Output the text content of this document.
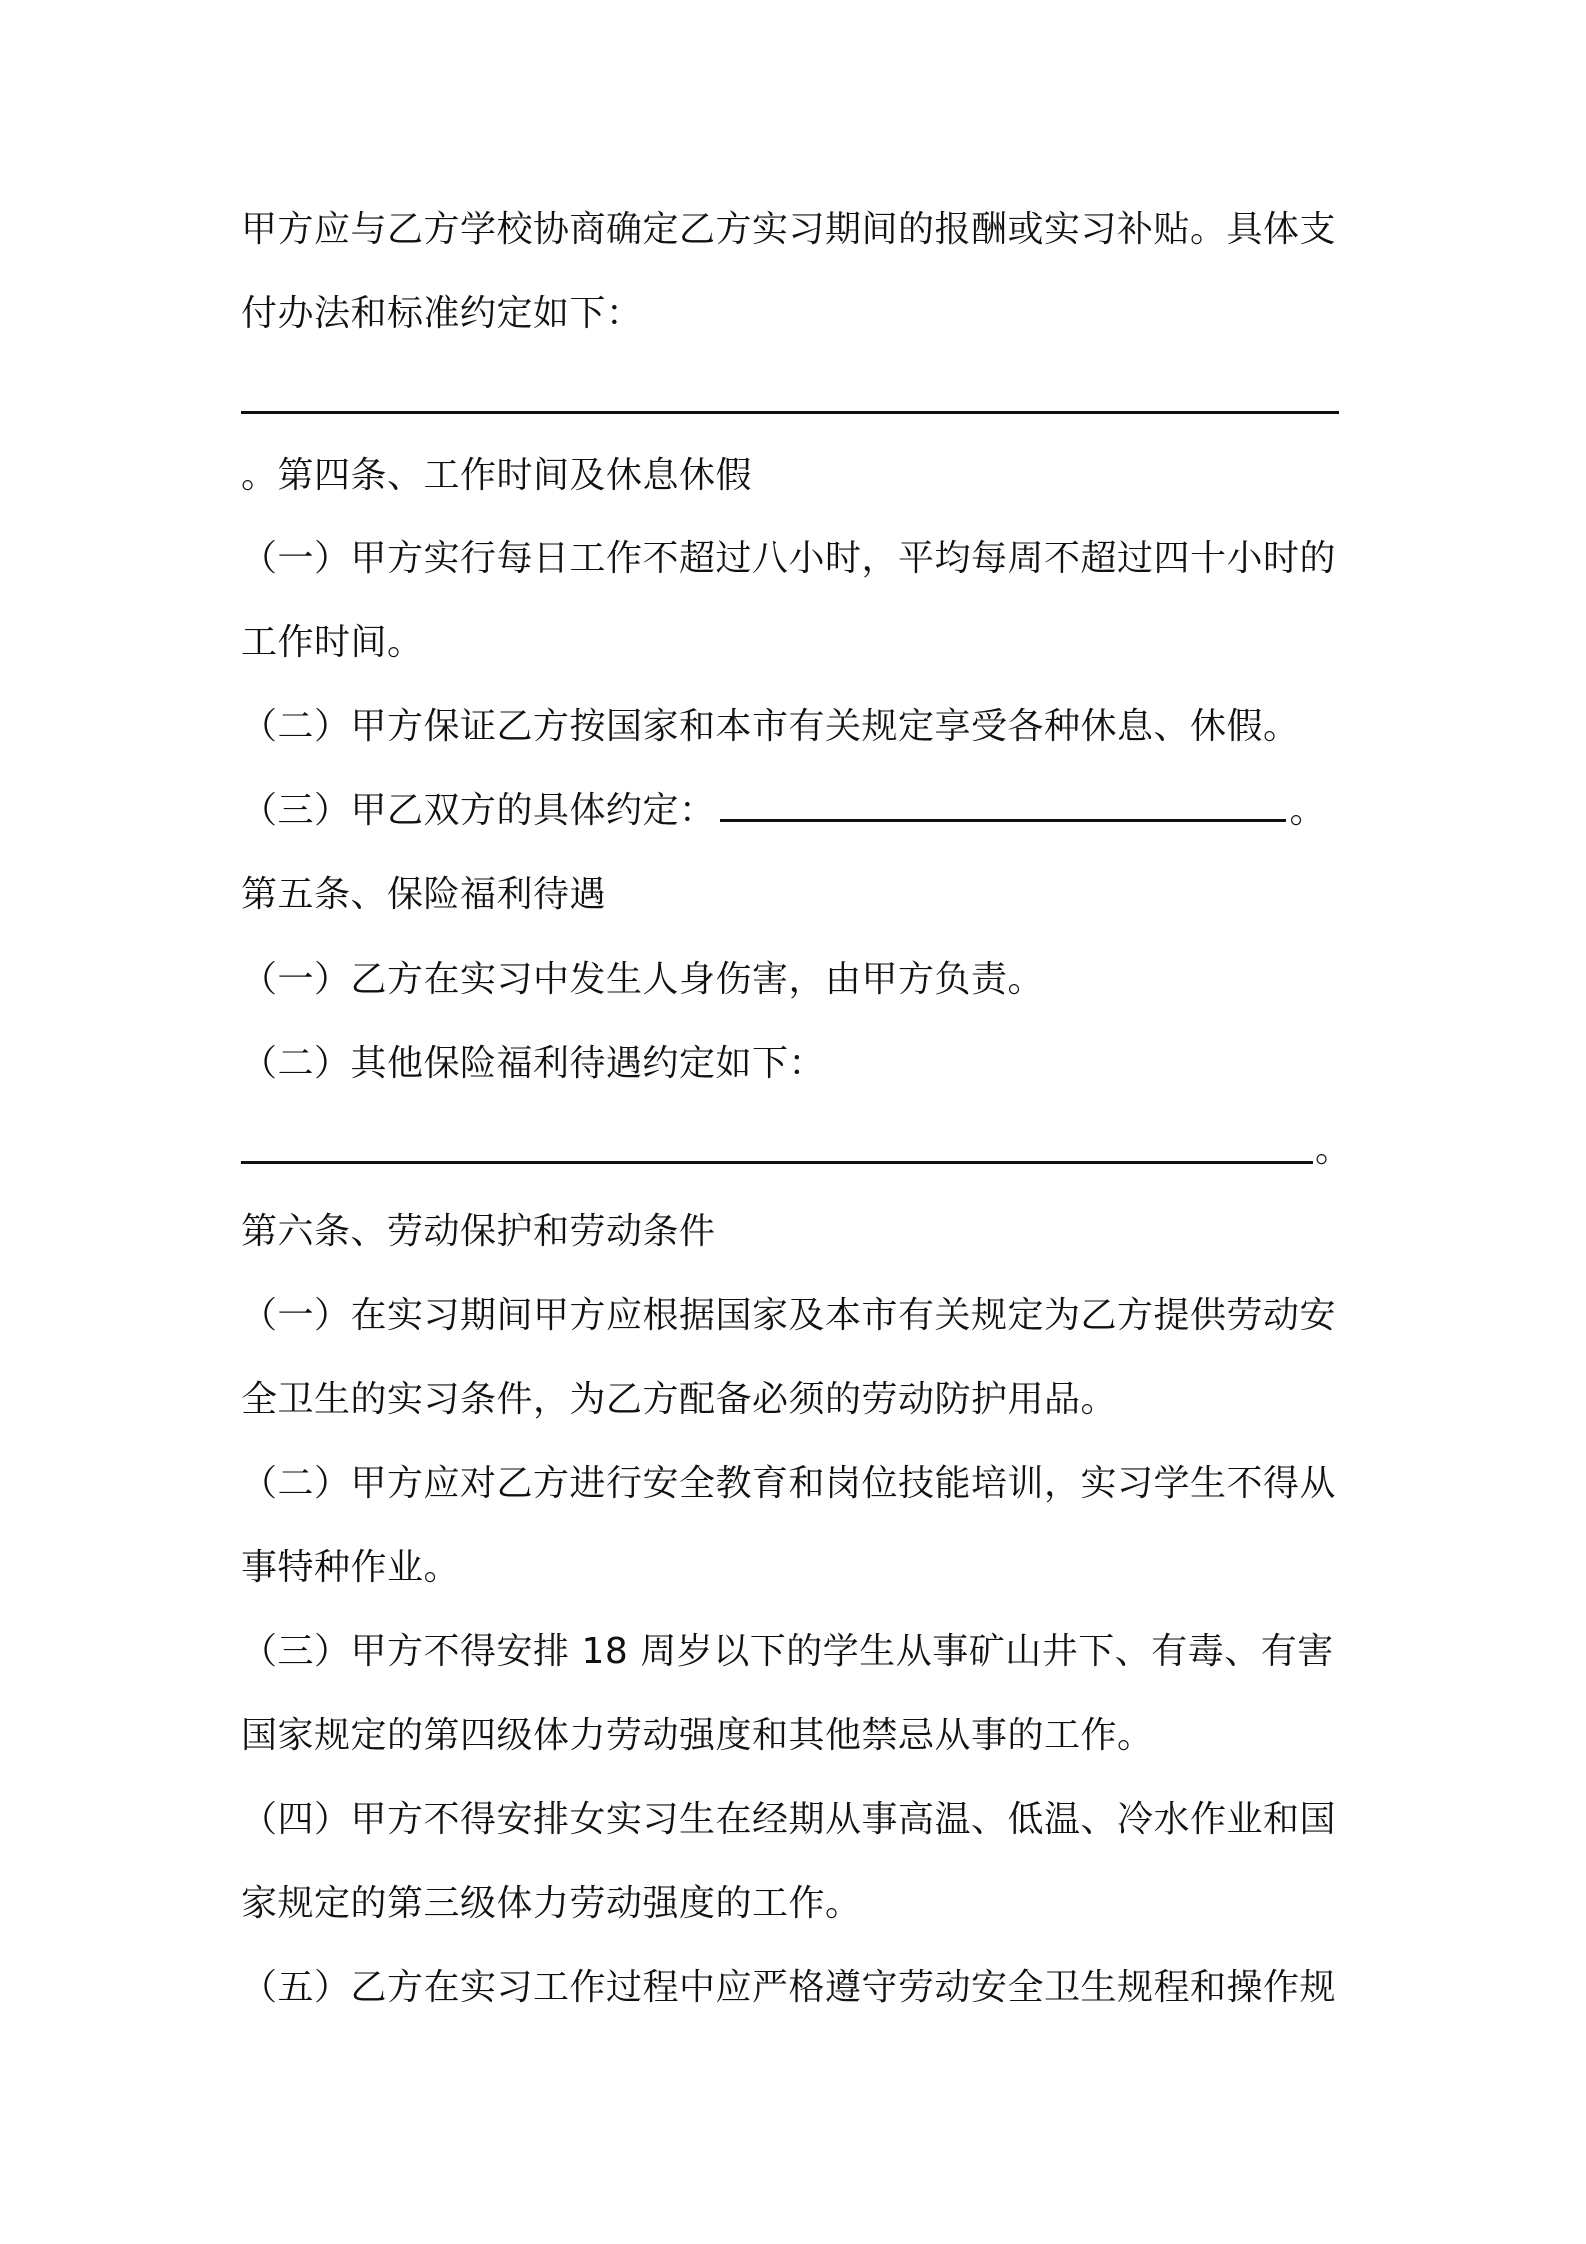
甲方应与乙方学校协商确定乙方实习期间的报酬或实习补贴。具体支
付办法和标准约定如下：
。第四条、工作时间及休息休假
（一）甲方实行每日工作不超过八小时，平均每周不超过四十小时的
工作时间。
（二）甲方保证乙方按国家和本市有关规定享受各种休息、休假。
（三）甲乙双方的具体约定：	。
第五条、保险福利待遇
（一）乙方在实习中发生人身伤害，由甲方负责。
（二）其他保险福利待遇约定如下：
。
第六条、劳动保护和劳动条件
（一）在实习期间甲方应根据国家及本市有关规定为乙方提供劳动安
全卫生的实习条件，为乙方配备必须的劳动防护用品。
（二）甲方应对乙方进行安全教育和岗位技能培训，实习学生不得从
事特种作业。
（三）甲方不得安排 18 周岁以下的学生从事矿山井下、有毒、有害
国家规定的第四级体力劳动强度和其他禁忌从事的工作。
（四）甲方不得安排女实习生在经期从事高温、低温、冷水作业和国
家规定的第三级体力劳动强度的工作。
（五）乙方在实习工作过程中应严格遵守劳动安全卫生规程和操作规
